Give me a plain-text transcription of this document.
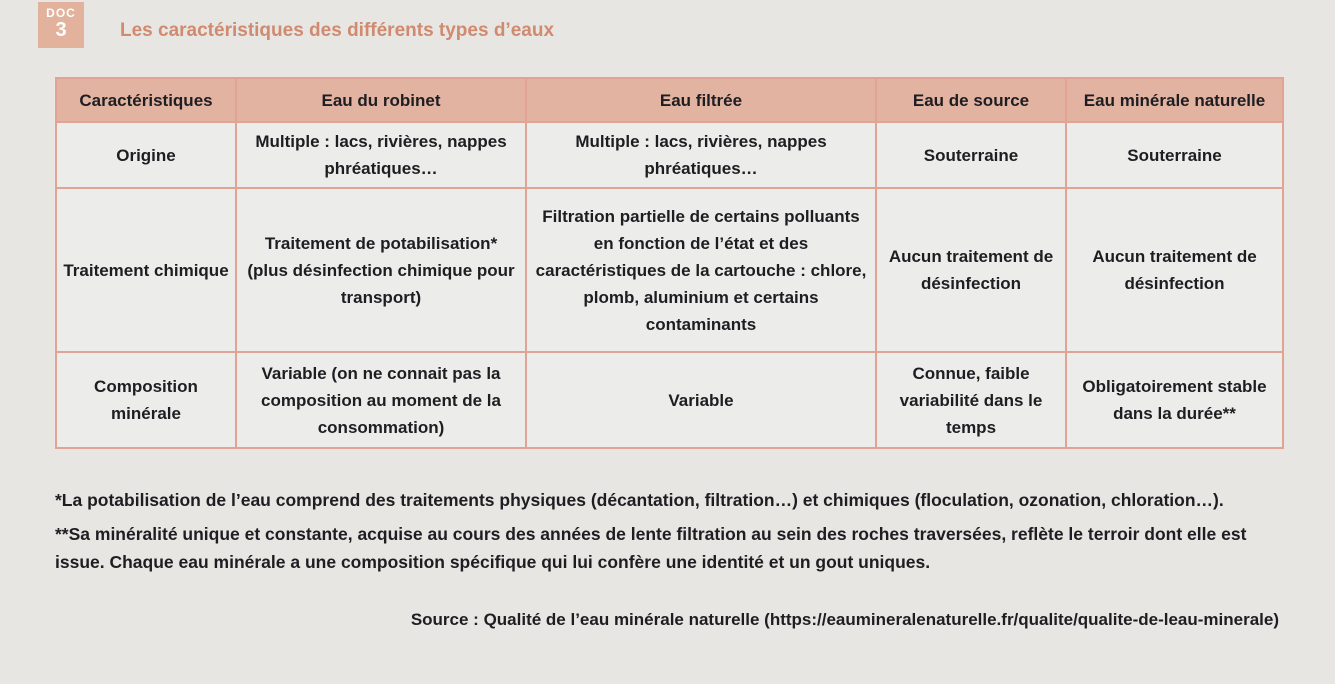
DOC
3	Les caractéristiques des différents types d’eaux
Caractéristiques	Eau du robinet	Eau filtrée	Eau de source	Eau minérale naturelle
Origine	Multiple : lacs, rivières, nappes phréatiques…	Multiple : lacs, rivières, nappes phréatiques…	Souterraine	Souterraine
Traitement chimique	Traitement de potabilisation* (plus désinfection chimique pour transport)	Filtration partielle de certains polluants en fonction de l’état et des caractéristiques de la cartouche : chlore, plomb, aluminium et certains contaminants	Aucun traitement de désinfection	Aucun traitement de désinfection
Composition minérale	Variable (on ne connait pas la composition au moment de la consommation)	Variable	Connue, faible variabilité dans le temps	Obligatoirement stable dans la durée**

*La potabilisation de l’eau comprend des traitements physiques (décantation, filtration…) et chimiques (floculation, ozonation, chloration…).

**Sa minéralité unique et constante, acquise au cours des années de lente filtration au sein des roches traversées, reflète le terroir dont elle est issue. Chaque eau minérale a une composition spécifique qui lui confère une identité et un gout uniques.

Source : Qualité de l’eau minérale naturelle (https://eaumineralenaturelle.fr/qualite/qualite-de-leau-minerale)
